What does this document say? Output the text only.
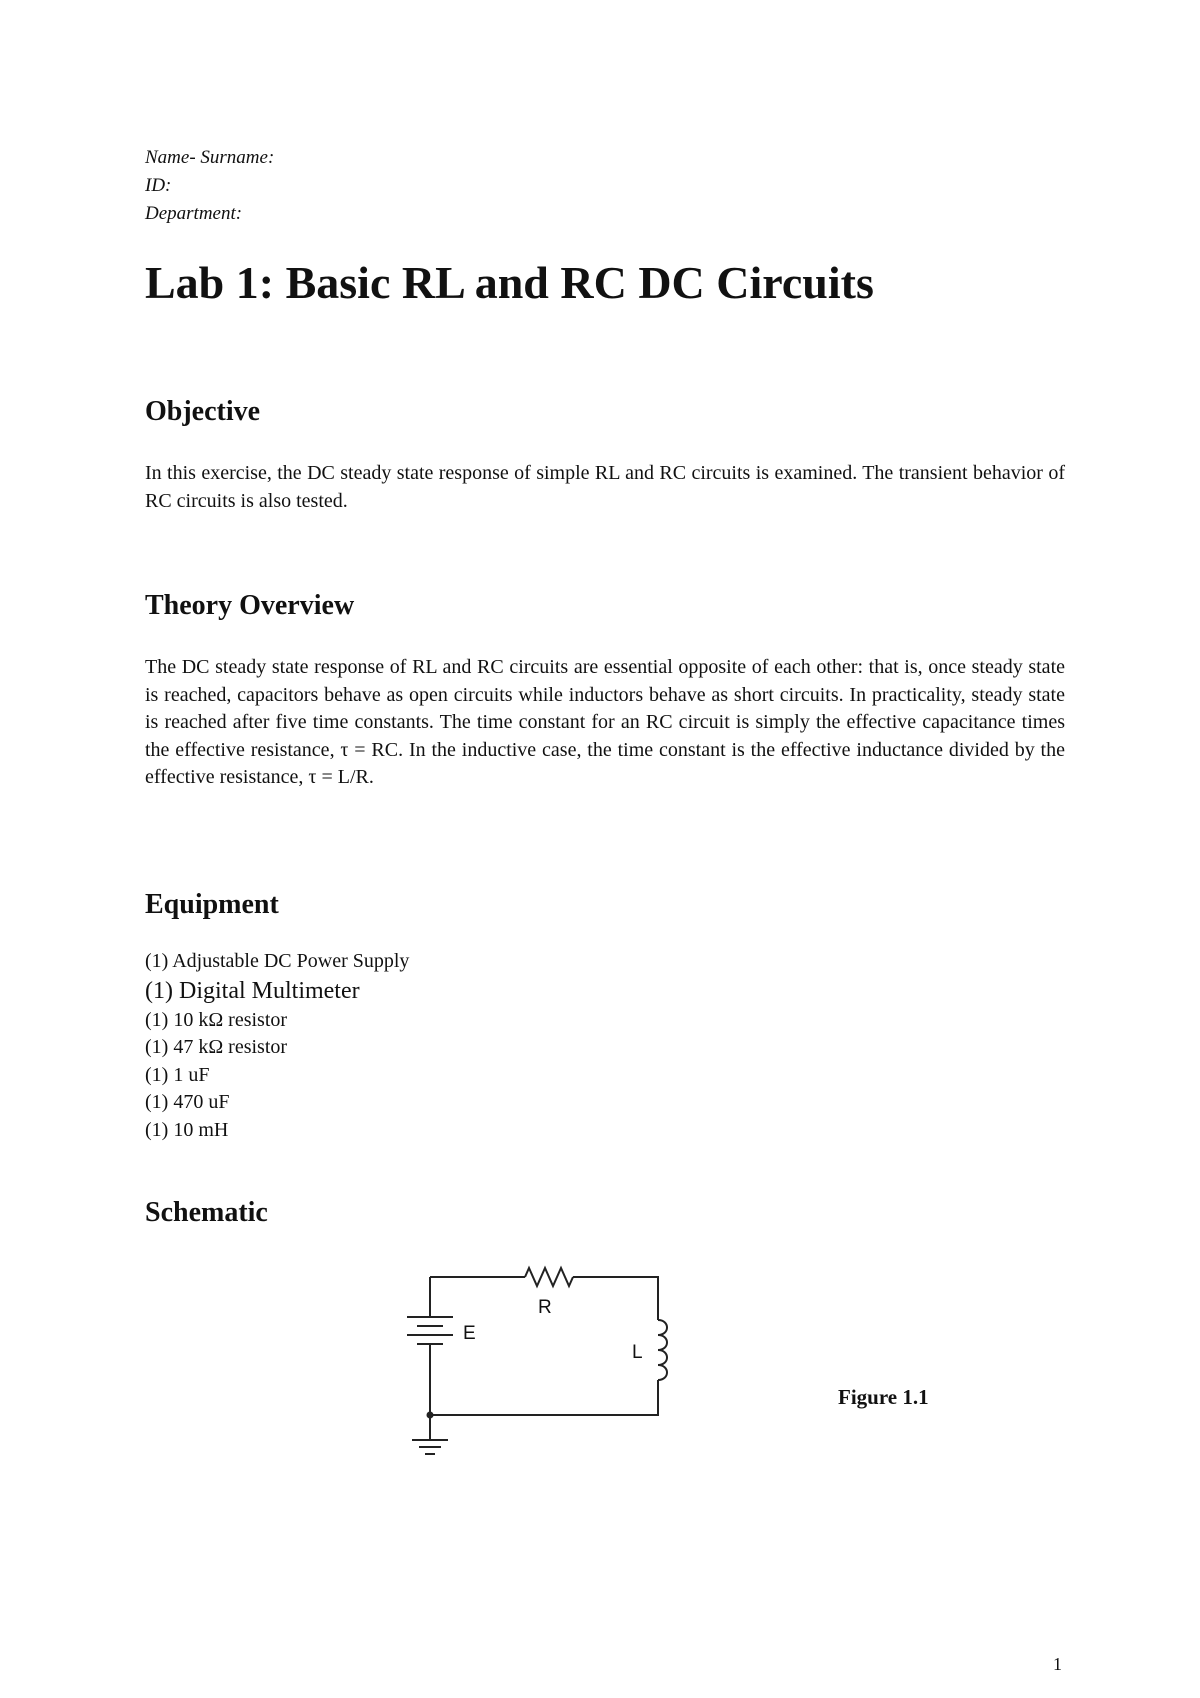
Name- Surname:
ID:
Department:
Lab 1: Basic RL and RC DC Circuits
Objective

In this exercise, the DC steady state response of simple RL and RC circuits is examined. The transient behavior of RC circuits is also tested.

Theory Overview

The DC steady state response of RL and RC circuits are essential opposite of each other: that is, once steady state is reached, capacitors behave as open circuits while inductors behave as short circuits. In practicality, steady state is reached after five time constants. The time constant for an RC circuit is simply the effective capacitance times the effective resistance, τ = RC. In the inductive case, the time constant is the effective inductance divided by the effective resistance, τ = L/R.

Equipment
(1) Adjustable DC Power Supply
(1) Digital Multimeter
(1) 10 kΩ resistor
(1) 47 kΩ resistor
(1) 1 uF
(1) 470 uF
(1) 10 mH
Schematic
E
R
L

Figure 1.1

1
